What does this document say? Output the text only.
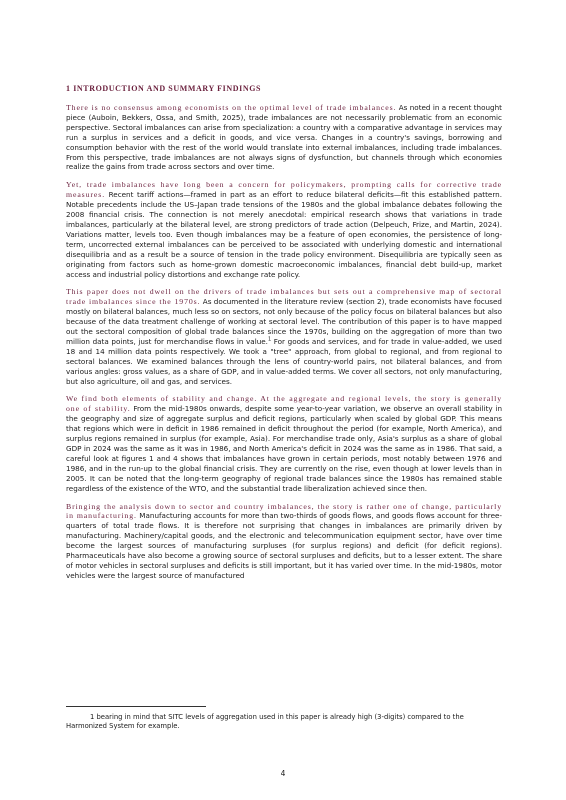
1 INTRODUCTION AND SUMMARY FINDINGS

There is no consensus among economists on the optimal level of trade imbalances. As noted in a recent thought piece (Auboin, Bekkers, Ossa, and Smith, 2025), trade imbalances are not necessarily problematic from an economic perspective. Sectoral imbalances can arise from specialization: a country with a comparative advantage in services may run a surplus in services and a deficit in goods, and vice versa. Changes in a country's savings, borrowing and consumption behavior with the rest of the world would translate into external imbalances, including trade imbalances. From this perspective, trade imbalances are not always signs of dysfunction, but channels through which economies realize the gains from trade across sectors and over time.

Yet, trade imbalances have long been a concern for policymakers, prompting calls for corrective trade measures. Recent tariff actions—framed in part as an effort to reduce bilateral deficits—fit this established pattern. Notable precedents include the US–Japan trade tensions of the 1980s and the global imbalance debates following the 2008 financial crisis. The connection is not merely anecdotal: empirical research shows that variations in trade imbalances, particularly at the bilateral level, are strong predictors of trade action (Delpeuch, Frize, and Martin, 2024). Variations matter, levels too. Even though imbalances may be a feature of open economies, the persistence of long-term, uncorrected external imbalances can be perceived to be associated with underlying domestic and international disequilibria and as a result be a source of tension in the trade policy environment. Disequilibria are typically seen as originating from factors such as home-grown domestic macroeconomic imbalances, financial debt build-up, market access and industrial policy distortions and exchange rate policy.

This paper does not dwell on the drivers of trade imbalances but sets out a comprehensive map of sectoral trade imbalances since the 1970s. As documented in the literature review (section 2), trade economists have focused mostly on bilateral balances, much less so on sectors, not only because of the policy focus on bilateral balances but also because of the data treatment challenge of working at sectoral level. The contribution of this paper is to have mapped out the sectoral composition of global trade balances since the 1970s, building on the aggregation of more than two million data points, just for merchandise flows in value.$^1$ For goods and services, and for trade in value-added, we used 18 and 14 million data points respectively. We took a "tree" approach, from global to regional, and from regional to sectoral balances. We examined balances through the lens of country-world pairs, not bilateral balances, and from various angles: gross values, as a share of GDP, and in value-added terms. We cover all sectors, not only manufacturing, but also agriculture, oil and gas, and services.

We find both elements of stability and change. At the aggregate and regional levels, the story is generally one of stability. From the mid-1980s onwards, despite some year-to-year variation, we observe an overall stability in the geography and size of aggregate surplus and deficit regions, particularly when scaled by global GDP. This means that regions which were in deficit in 1986 remained in deficit throughout the period (for example, North America), and surplus regions remained in surplus (for example, Asia). For merchandise trade only, Asia's surplus as a share of global GDP in 2024 was the same as it was in 1986, and North America's deficit in 2024 was the same as in 1986. That said, a careful look at figures 1 and 4 shows that imbalances have grown in certain periods, most notably between 1976 and 1986, and in the run-up to the global financial crisis. They are currently on the rise, even though at lower levels than in 2005. It can be noted that the long-term geography of regional trade balances since the 1980s has remained stable regardless of the existence of the WTO, and the substantial trade liberalization achieved since then.

Bringing the analysis down to sector and country imbalances, the story is rather one of change, particularly in manufacturing. Manufacturing accounts for more than two-thirds of goods flows, and goods flows account for three-quarters of total trade flows. It is therefore not surprising that changes in imbalances are primarily driven by manufacturing. Machinery/capital goods, and the electronic and telecommunication equipment sector, have over time become the largest sources of manufacturing surpluses (for surplus regions) and deficit (for deficit regions). Pharmaceuticals have also become a growing source of sectoral surpluses and deficits, but to a lesser extent. The share of motor vehicles in sectoral surpluses and deficits is still important, but it has varied over time. In the mid-1980s, motor vehicles were the largest source of manufactured

1 bearing in mind that SITC levels of aggregation used in this paper is already high (3-digits) compared to the Harmonized System for example.
4
